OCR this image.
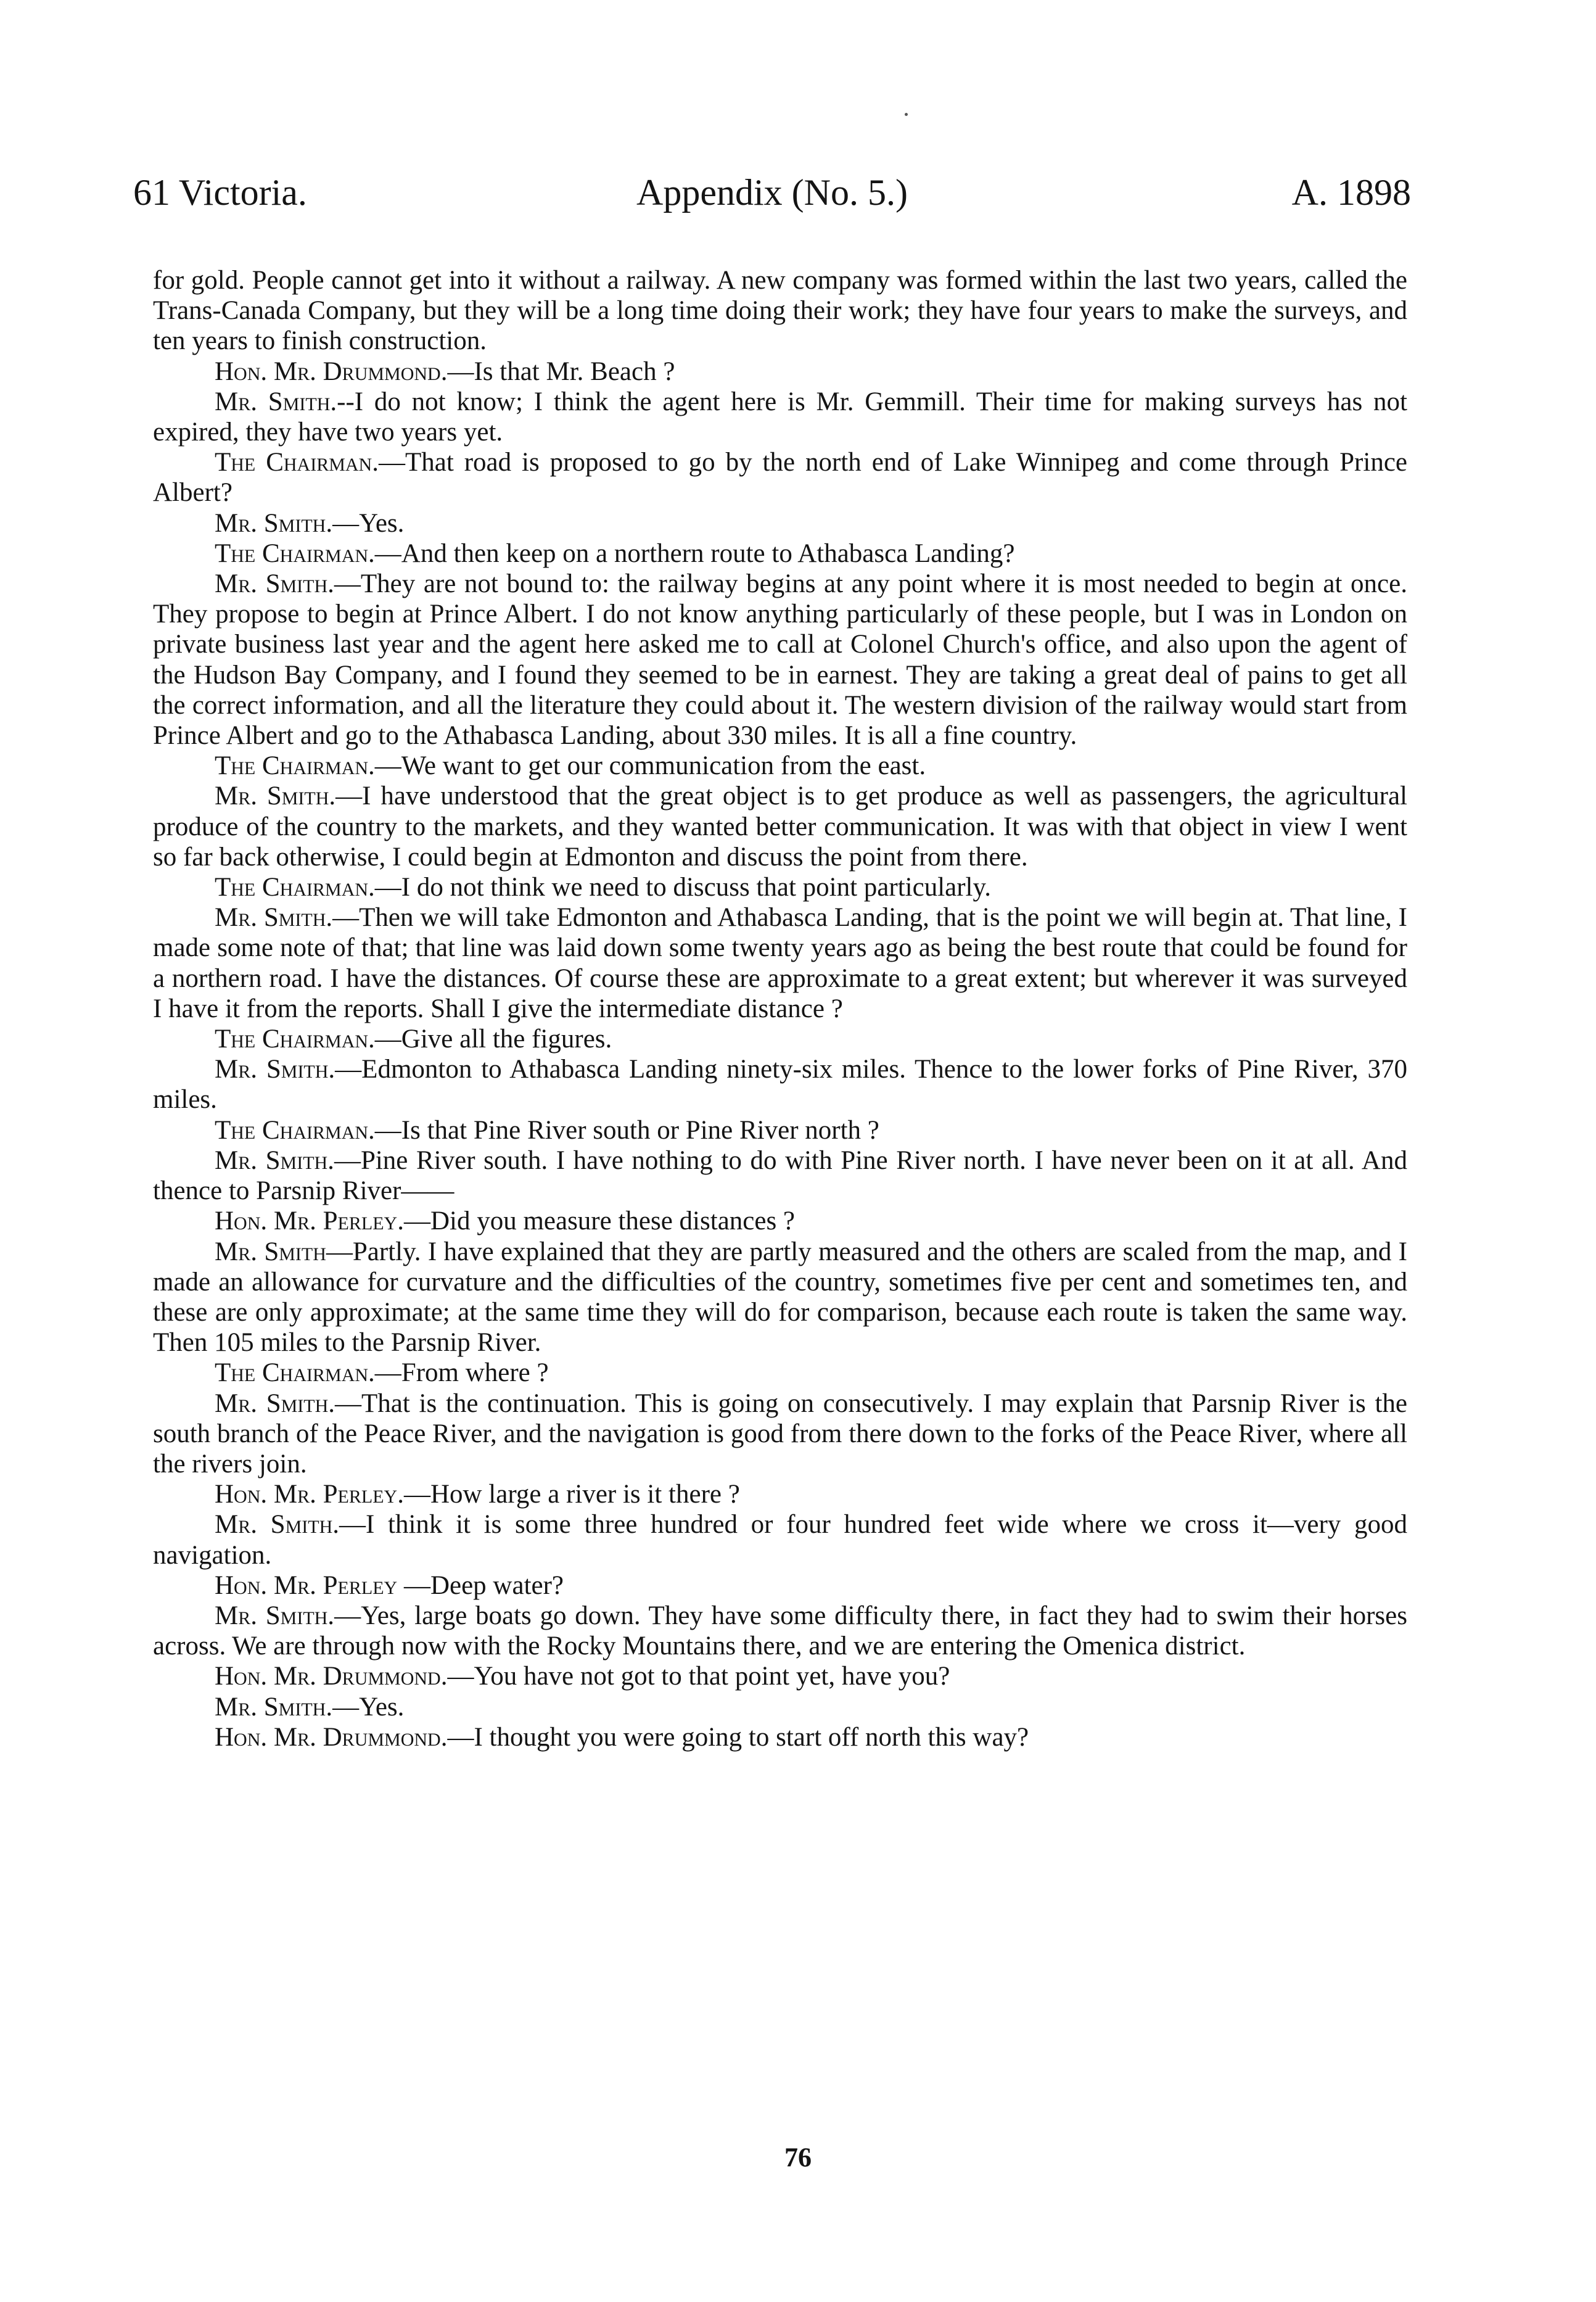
61 Victoria.	Appendix (No. 5.)	A. 1898

for gold. People cannot get into it without a railway. A new company was formed within the last two years, called the Trans-Canada Company, but they will be a long time doing their work; they have four years to make the surveys, and ten years to finish construction.

Hon. Mr. Drummond.—Is that Mr. Beach ?

Mr. Smith.--I do not know; I think the agent here is Mr. Gemmill. Their time for making surveys has not expired, they have two years yet.

The Chairman.—That road is proposed to go by the north end of Lake Winnipeg and come through Prince Albert?

Mr. Smith.—Yes.

The Chairman.—And then keep on a northern route to Athabasca Landing?

Mr. Smith.—They are not bound to: the railway begins at any point where it is most needed to begin at once. They propose to begin at Prince Albert. I do not know anything particularly of these people, but I was in London on private business last year and the agent here asked me to call at Colonel Church's office, and also upon the agent of the Hudson Bay Company, and I found they seemed to be in earnest. They are taking a great deal of pains to get all the correct information, and all the literature they could about it. The western division of the railway would start from Prince Albert and go to the Athabasca Landing, about 330 miles. It is all a fine country.

The Chairman.—We want to get our communication from the east.

Mr. Smith.—I have understood that the great object is to get produce as well as passengers, the agricultural produce of the country to the markets, and they wanted better communication. It was with that object in view I went so far back otherwise, I could begin at Edmonton and discuss the point from there.

The Chairman.—I do not think we need to discuss that point particularly.

Mr. Smith.—Then we will take Edmonton and Athabasca Landing, that is the point we will begin at. That line, I made some note of that; that line was laid down some twenty years ago as being the best route that could be found for a northern road. I have the distances. Of course these are approximate to a great extent; but wherever it was surveyed I have it from the reports. Shall I give the intermediate distance ?

The Chairman.—Give all the figures.

Mr. Smith.—Edmonton to Athabasca Landing ninety-six miles. Thence to the lower forks of Pine River, 370 miles.

The Chairman.—Is that Pine River south or Pine River north ?

Mr. Smith.—Pine River south. I have nothing to do with Pine River north. I have never been on it at all. And thence to Parsnip River——

Hon. Mr. Perley.—Did you measure these distances ?

Mr. Smith—Partly. I have explained that they are partly measured and the others are scaled from the map, and I made an allowance for curvature and the difficulties of the country, sometimes five per cent and sometimes ten, and these are only approximate; at the same time they will do for comparison, because each route is taken the same way. Then 105 miles to the Parsnip River.

The Chairman.—From where ?

Mr. Smith.—That is the continuation. This is going on consecutively. I may explain that Parsnip River is the south branch of the Peace River, and the navigation is good from there down to the forks of the Peace River, where all the rivers join.

Hon. Mr. Perley.—How large a river is it there ?

Mr. Smith.—I think it is some three hundred or four hundred feet wide where we cross it—very good navigation.

Hon. Mr. Perley —Deep water?

Mr. Smith.—Yes, large boats go down. They have some difficulty there, in fact they had to swim their horses across. We are through now with the Rocky Mountains there, and we are entering the Omenica district.

Hon. Mr. Drummond.—You have not got to that point yet, have you?

Mr. Smith.—Yes.

Hon. Mr. Drummond.—I thought you were going to start off north this way?

76
